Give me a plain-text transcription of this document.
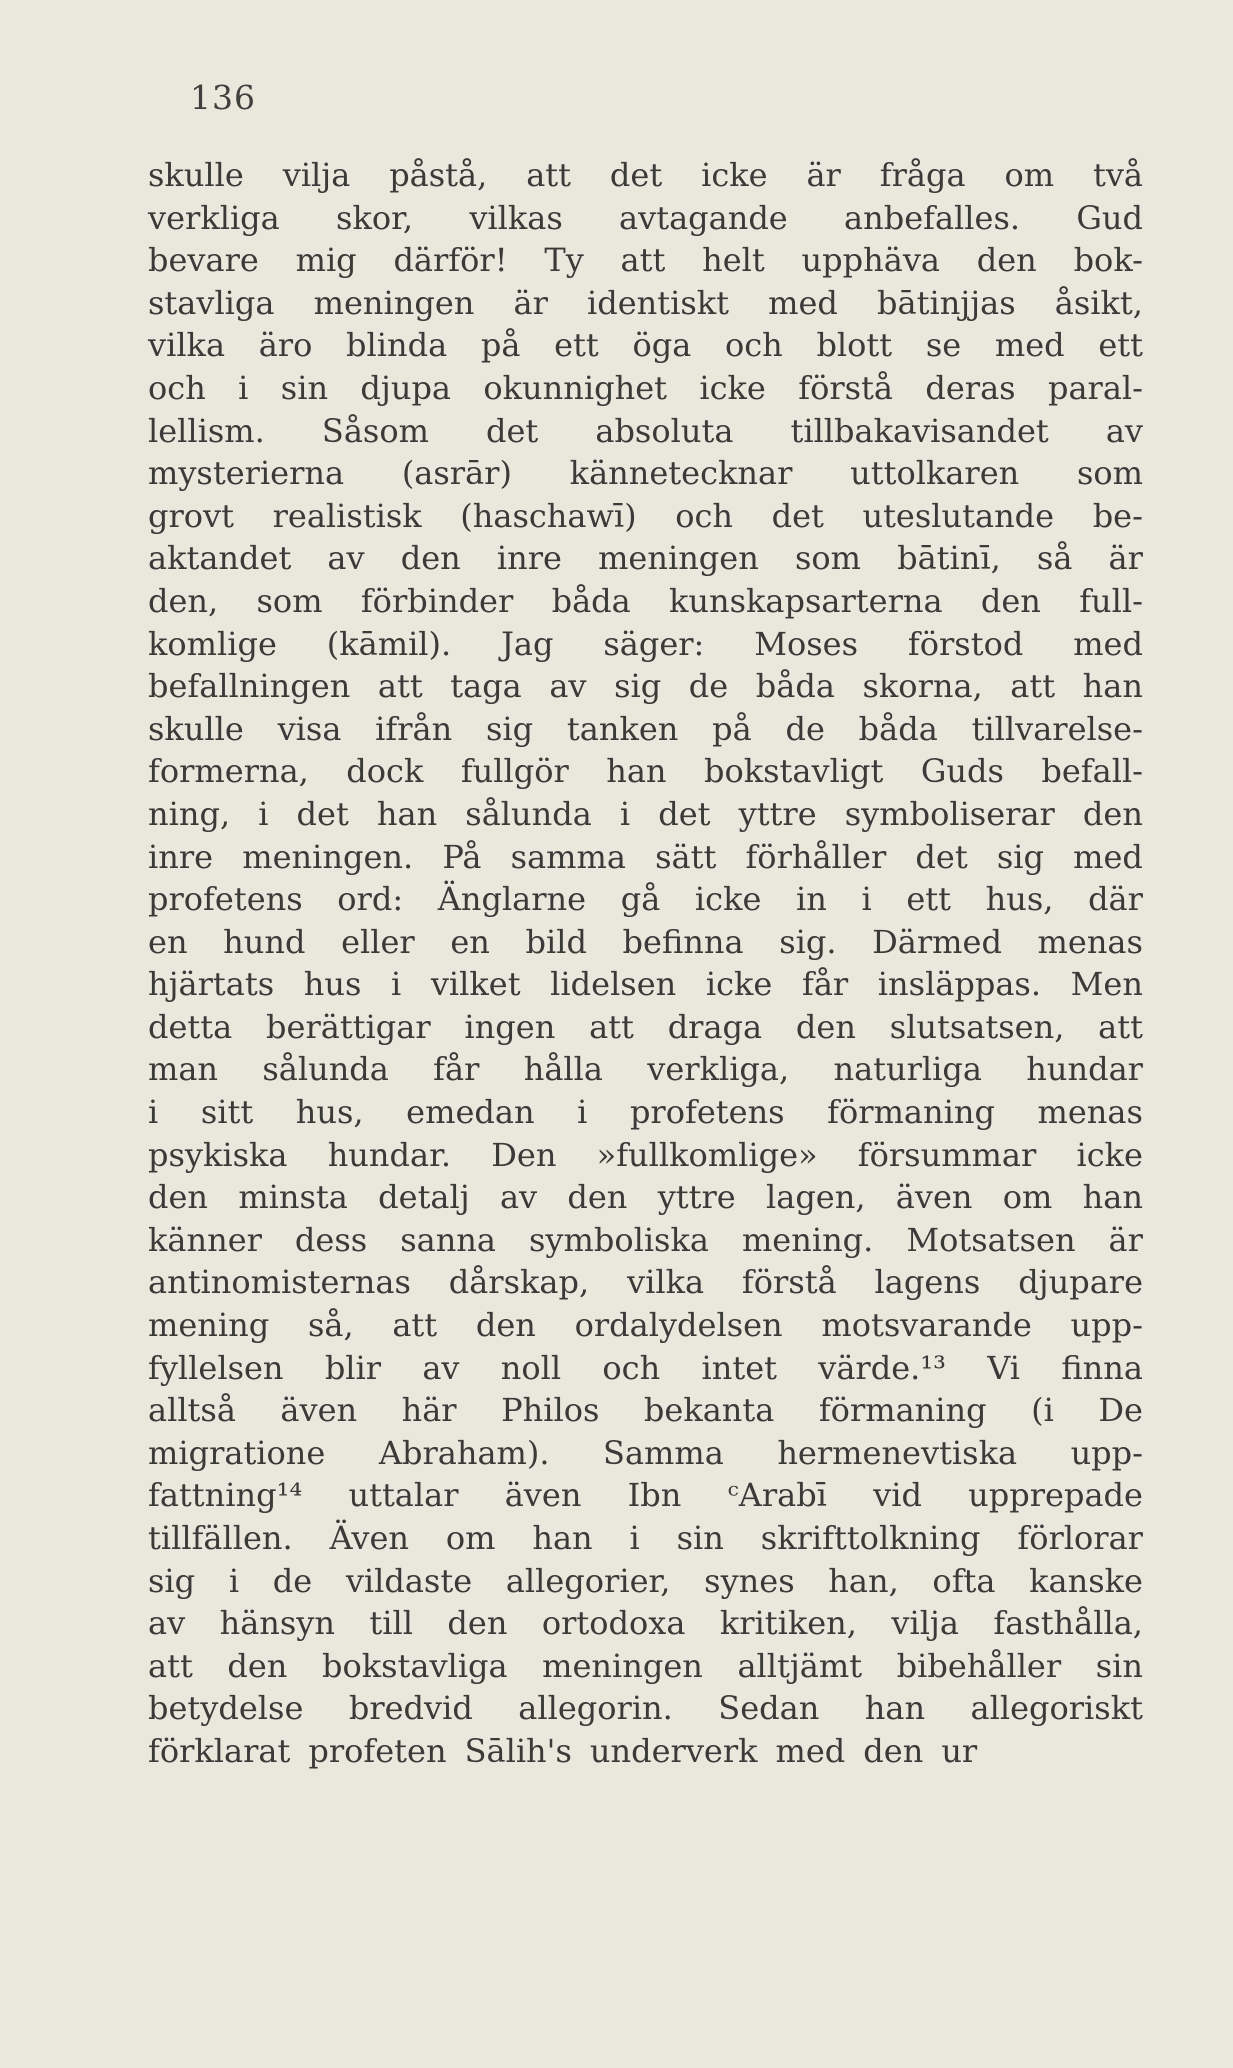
136
skulle vilja påstå, att det icke är fråga om två
verkliga skor, vilkas avtagande anbefalles. Gud
bevare mig därför! Ty att helt upphäva den bok-
stavliga meningen är identiskt med bātinjjas åsikt,
vilka äro blinda på ett öga och blott se med ett
och i sin djupa okunnighet icke förstå deras paral-
lellism. Såsom det absoluta tillbakavisandet av
mysterierna (asrār) kännetecknar uttolkaren som
grovt realistisk (haschawī) och det uteslutande be-
aktandet av den inre meningen som bātinī, så är
den, som förbinder båda kunskapsarterna den full-
komlige (kāmil). Jag säger: Moses förstod med
befallningen att taga av sig de båda skorna, att han
skulle visa ifrån sig tanken på de båda tillvarelse-
formerna, dock fullgör han bokstavligt Guds befall-
ning, i det han sålunda i det yttre symboliserar den
inre meningen. På samma sätt förhåller det sig med
profetens ord: Änglarne gå icke in i ett hus, där
en hund eller en bild befinna sig. Därmed menas
hjärtats hus i vilket lidelsen icke får insläppas. Men
detta berättigar ingen att draga den slutsatsen, att
man sålunda får hålla verkliga, naturliga hundar
i sitt hus, emedan i profetens förmaning menas
psykiska hundar. Den »fullkomlige» försummar icke
den minsta detalj av den yttre lagen, även om han
känner dess sanna symboliska mening. Motsatsen är
antinomisternas dårskap, vilka förstå lagens djupare
mening så, att den ordalydelsen motsvarande upp-
fyllelsen blir av noll och intet värde.¹³ Vi finna
alltså även här Philos bekanta förmaning (i De
migratione Abraham). Samma hermenevtiska upp-
fattning¹⁴ uttalar även Ibn ᶜArabī vid upprepade
tillfällen. Även om han i sin skrifttolkning förlorar
sig i de vildaste allegorier, synes han, ofta kanske
av hänsyn till den ortodoxa kritiken, vilja fasthålla,
att den bokstavliga meningen alltjämt bibehåller sin
betydelse bredvid allegorin. Sedan han allegoriskt
förklarat profeten Sālih's underverk med den ur
